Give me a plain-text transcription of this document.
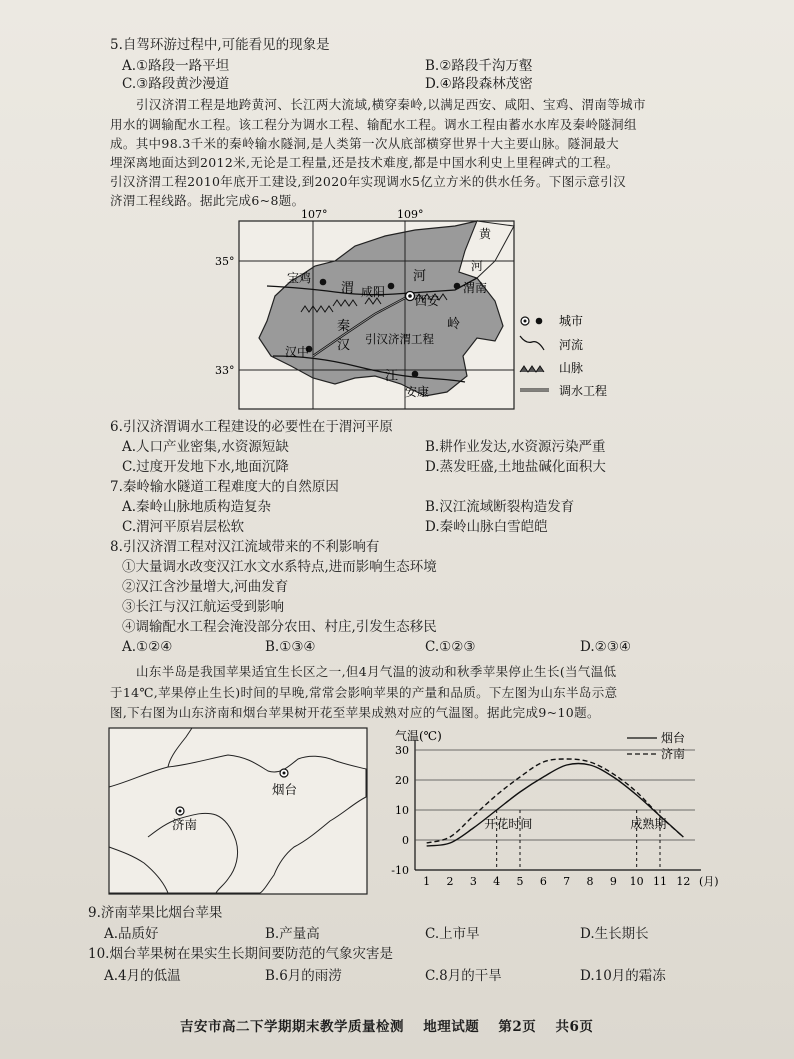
5.自驾环游过程中,可能看见的现象是
A.①路段一路平坦	B.②路段千沟万壑
C.③路段黄沙漫道	D.④路段森林茂密
引汉济渭工程是地跨黄河、长江两大流域,横穿秦岭,以满足西安、咸阳、宝鸡、渭南等城市
用水的调输配水工程。该工程分为调水工程、输配水工程。调水工程由蓄水水库及秦岭隧洞组
成。其中98.3千米的秦岭输水隧洞,是人类第一次从底部横穿世界十大主要山脉。隧洞最大
埋深离地面达到2012米,无论是工程量,还是技术难度,都是中国水利史上里程碑式的工程。
引汉济渭工程2010年底开工建设,到2020年实现调水5亿立方米的供水任务。下图示意引汉
济渭工程线路。据此完成6~8题。
107°	109°
35°
33°
宝鸡
咸阳
西安
渭南
汉中
安康
渭
河
秦	岭
汉
江
黄
河
引汉济渭工程
城市
河流
山脉
调水工程
6.引汉济渭调水工程建设的必要性在于渭河平原
A.人口产业密集,水资源短缺	B.耕作业发达,水资源污染严重
C.过度开发地下水,地面沉降	D.蒸发旺盛,土地盐碱化面积大
7.秦岭输水隧道工程难度大的自然原因
A.秦岭山脉地质构造复杂	B.汉江流域断裂构造发育
C.渭河平原岩层松软	D.秦岭山脉白雪皑皑
8.引汉济渭工程对汉江流域带来的不利影响有
①大量调水改变汉江水文水系特点,进而影响生态环境
②汉江含沙量增大,河曲发育
③长江与汉江航运受到影响
④调输配水工程会淹没部分农田、村庄,引发生态移民
A.①②④	B.①③④	C.①②③	D.②③④
山东半岛是我国苹果适宜生长区之一,但4月气温的波动和秋季苹果停止生长(当气温低
于14℃,苹果停止生长)时间的早晚,常常会影响苹果的产量和品质。下左图为山东半岛示意
图,下右图为山东济南和烟台苹果树开花至苹果成熟对应的气温图。据此完成9~10题。
烟台
济南
气温(℃)
-10
0
10
20
30
1 2 3 4 5 6 7 8 9 10 11 12 (月)
开花时间	成熟期
烟台
济南
9.济南苹果比烟台苹果
A.品质好	B.产量高	C.上市早	D.生长期长
10.烟台苹果树在果实生长期间要防范的气象灾害是
A.4月的低温	B.6月的雨涝	C.8月的干旱	D.10月的霜冻
吉安市高二下学期期末教学质量检测 地理试题 第2页 共6页
